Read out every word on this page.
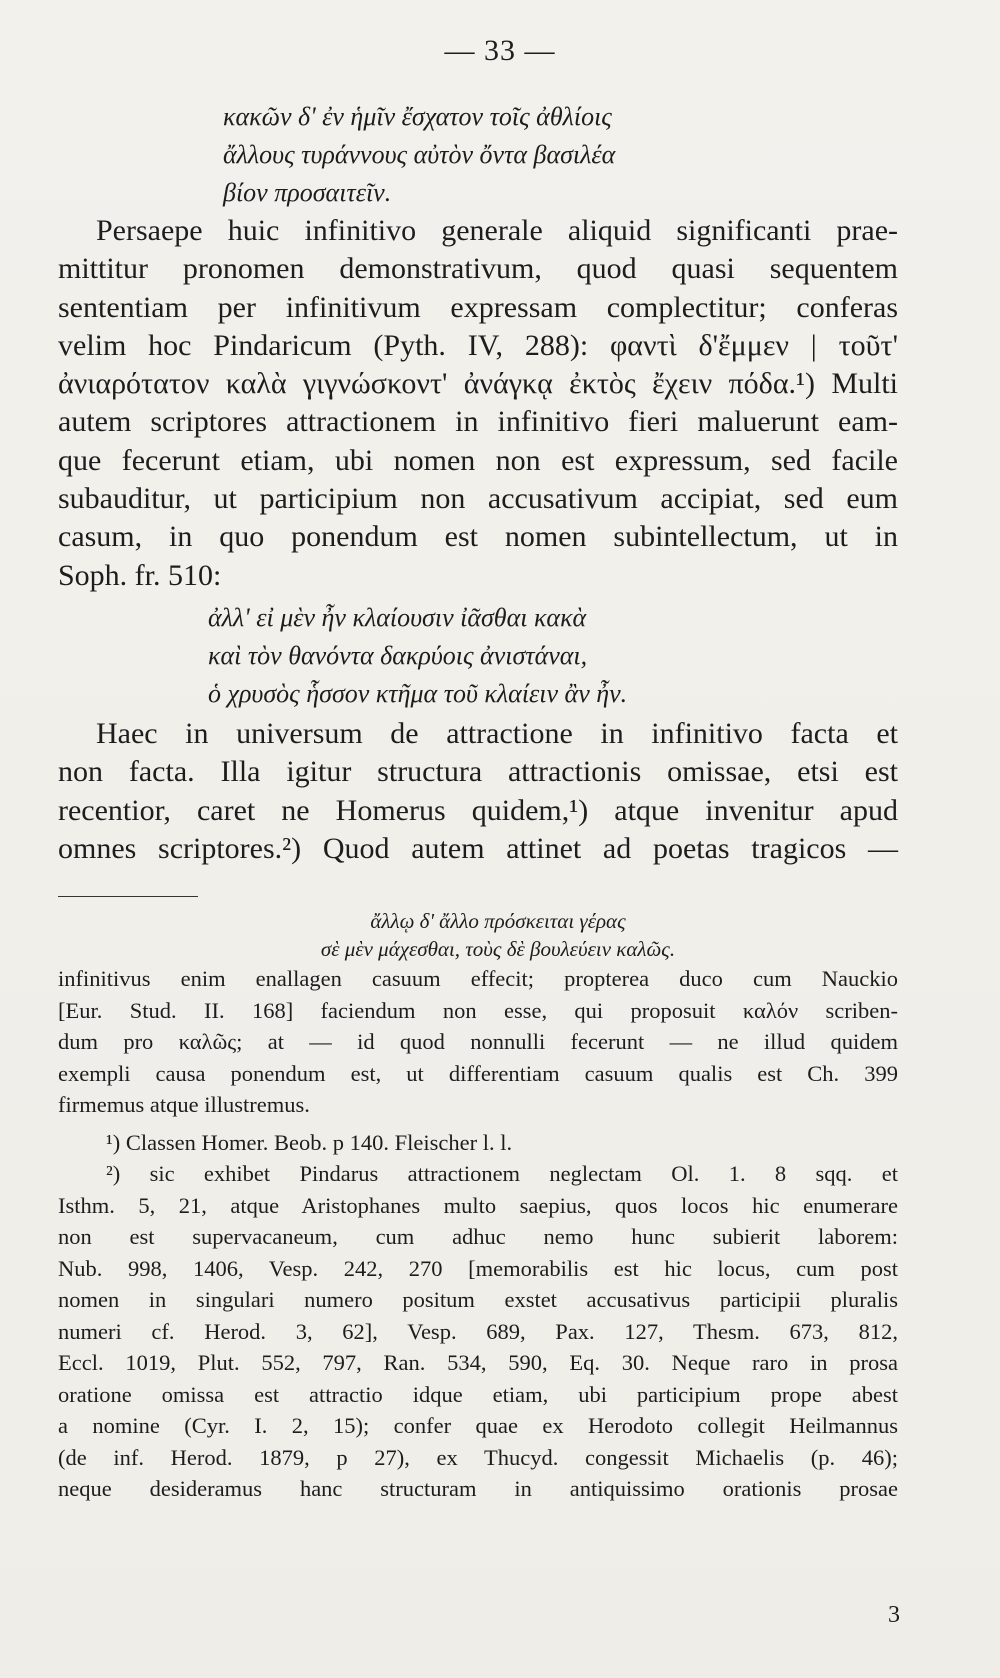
— 33 —
κακῶν δ' ἐν ἡμῖν ἔσχατον τοῖς ἀθλίοις
ἄλλους τυράννους αὐτὸν ὄντα βασιλέα
βίον προσαιτεῖν.
Persaepe huic infinitivo generale aliquid significanti prae-
mittitur pronomen demonstrativum, quod quasi sequentem
sententiam per infinitivum expressam complectitur; conferas
velim hoc Pindaricum (Pyth. IV, 288): φαντὶ δ'ἔμμεν | τοῦτ'
ἀνιαρότατον καλὰ γιγνώσκοντ' ἀνάγκᾳ ἐκτὸς ἔχειν πόδα.¹) Multi
autem scriptores attractionem in infinitivo fieri maluerunt eam-
que fecerunt etiam, ubi nomen non est expressum, sed facile
subauditur, ut participium non accusativum accipiat, sed eum
casum, in quo ponendum est nomen subintellectum, ut in
Soph. fr. 510:
ἀλλ' εἰ μὲν ἦν κλαίουσιν ἰᾶσθαι κακὰ
καὶ τὸν θανόντα δακρύοις ἀνιστάναι,
ὁ χρυσὸς ἧσσον κτῆμα τοῦ κλαίειν ἂν ἦν.
Haec in universum de attractione in infinitivo facta et
non facta. Illa igitur structura attractionis omissae, etsi est
recentior, caret ne Homerus quidem,¹) atque invenitur apud
omnes scriptores.²) Quod autem attinet ad poetas tragicos —
ἄλλῳ δ' ἄλλο πρόσκειται γέρας
σὲ μὲν μάχεσθαι, τοὺς δὲ βουλεύειν καλῶς.
infinitivus enim enallagen casuum effecit; propterea duco cum Nauckio
[Eur. Stud. II. 168] faciendum non esse, qui proposuit καλόν scriben-
dum pro καλῶς; at — id quod nonnulli fecerunt — ne illud quidem
exempli causa ponendum est, ut differentiam casuum qualis est Ch. 399
firmemus atque illustremus.
¹) Classen Homer. Beob. p 140. Fleischer l. l.
²) sic exhibet Pindarus attractionem neglectam Ol. 1. 8 sqq. et
Isthm. 5, 21, atque Aristophanes multo saepius, quos locos hic enumerare
non est supervacaneum, cum adhuc nemo hunc subierit laborem:
Nub. 998, 1406, Vesp. 242, 270 [memorabilis est hic locus, cum post
nomen in singulari numero positum exstet accusativus participii pluralis
numeri cf. Herod. 3, 62], Vesp. 689, Pax. 127, Thesm. 673, 812,
Eccl. 1019, Plut. 552, 797, Ran. 534, 590, Eq. 30. Neque raro in prosa
oratione omissa est attractio idque etiam, ubi participium prope abest
a nomine (Cyr. I. 2, 15); confer quae ex Herodoto collegit Heilmannus
(de inf. Herod. 1879, p 27), ex Thucyd. congessit Michaelis (p. 46);
neque desideramus hanc structuram in antiquissimo orationis prosae
3
